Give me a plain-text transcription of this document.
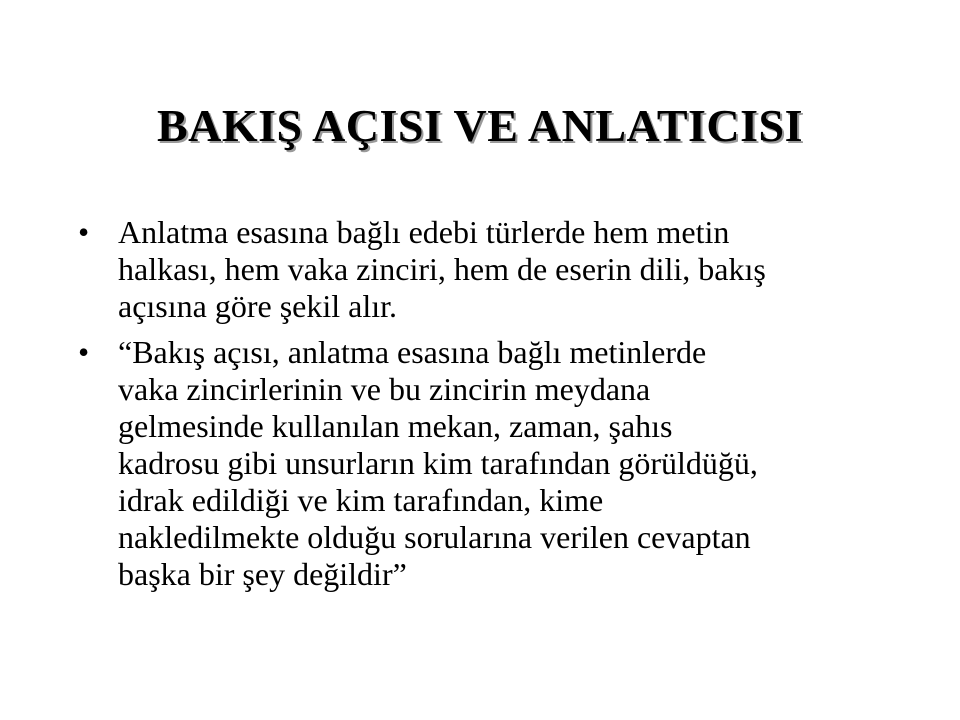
BAKIŞ AÇISI VE ANLATICISI
• Anlatma esasına bağlı edebi türlerde hem metin
halkası, hem vaka zinciri, hem de eserin dili, bakış
açısına göre şekil alır.
• “Bakış açısı, anlatma esasına bağlı metinlerde
vaka zincirlerinin ve bu zincirin meydana
gelmesinde kullanılan mekan, zaman, şahıs
kadrosu gibi unsurların kim tarafından görüldüğü,
idrak edildiği ve kim tarafından, kime
nakledilmekte olduğu sorularına verilen cevaptan
başka bir şey değildir”
